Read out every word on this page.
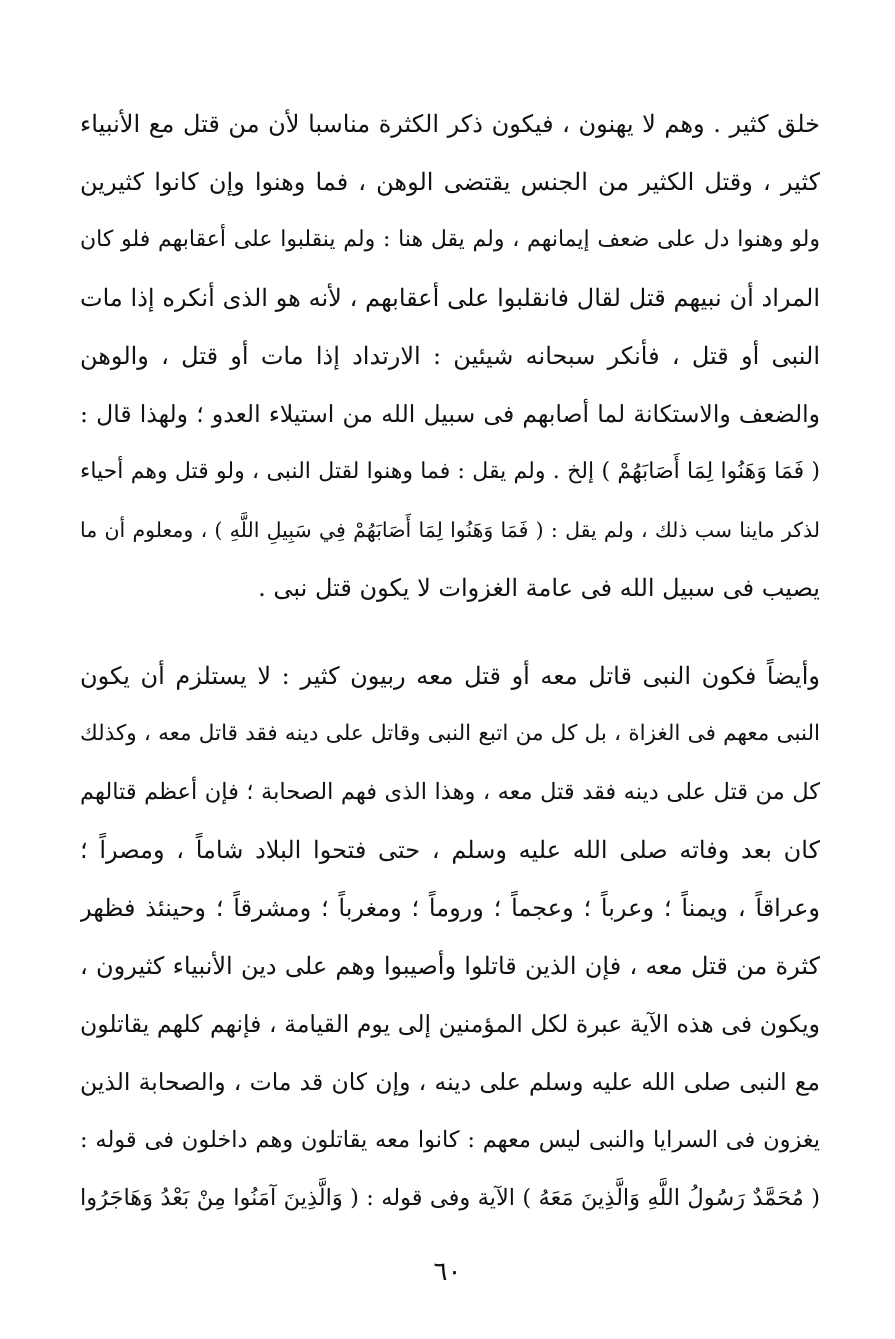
خلق كثير . وهم لا يهنون ، فيكون ذكر الكثرة مناسبا لأن من قتل مع الأنبياء
كثير ، وقتل الكثير من الجنس يقتضى الوهن ، فما وهنوا وإن كانوا كثيرين
ولو وهنوا دل على ضعف إيمانهم ، ولم يقل هنا : ولم ينقلبوا على أعقابهم فلو كان
المراد أن نبيهم قتل لقال فانقلبوا على أعقابهم ، لأنه هو الذى أنكره إذا مات
النبى أو قتل ، فأنكر سبحانه شيئين : الارتداد إذا مات أو قتل ، والوهن
والضعف والاستكانة لما أصابهم فى سبيل الله من استيلاء العدو ؛ ولهذا قال :
( فَمَا وَهَنُوا لِمَا أَصَابَهُمْ ) إلخ . ولم يقل : فما وهنوا لقتل النبى ، ولو قتل وهم أحياء
لذكر ماينا سب ذلك ، ولم يقل : ( فَمَا وَهَنُوا لِمَا أَصَابَهُمْ فِي سَبِيلِ اللَّهِ ) ، ومعلوم أن ما
يصيب فى سبيل الله فى عامة الغزوات لا يكون قتل نبى .
وأيضاً فكون النبى قاتل معه أو قتل معه ربيون كثير : لا يستلزم أن يكون
النبى معهم فى الغزاة ، بل كل من اتبع النبى وقاتل على دينه فقد قاتل معه ، وكذلك
كل من قتل على دينه فقد قتل معه ، وهذا الذى فهم الصحابة ؛ فإن أعظم قتالهم
كان بعد وفاته صلى الله عليه وسلم ، حتى فتحوا البلاد شاماً ، ومصراً ؛
وعراقاً ، ويمناً ؛ وعرباً ؛ وعجماً ؛ وروماً ؛ ومغرباً ؛ ومشرقاً ؛ وحينئذ فظهر
كثرة من قتل معه ، فإن الذين قاتلوا وأصيبوا وهم على دين الأنبياء كثيرون ،
ويكون فى هذه الآية عبرة لكل المؤمنين إلى يوم القيامة ، فإنهم كلهم يقاتلون
مع النبى صلى الله عليه وسلم على دينه ، وإن كان قد مات ، والصحابة الذين
يغزون فى السرايا والنبى ليس معهم : كانوا معه يقاتلون وهم داخلون فى قوله :
( مُحَمَّدٌ رَسُولُ اللَّهِ وَالَّذِينَ مَعَهُ ) الآية وفى قوله : ( وَالَّذِينَ آمَنُوا مِنْ بَعْدُ وَهَاجَرُوا
٦٠
